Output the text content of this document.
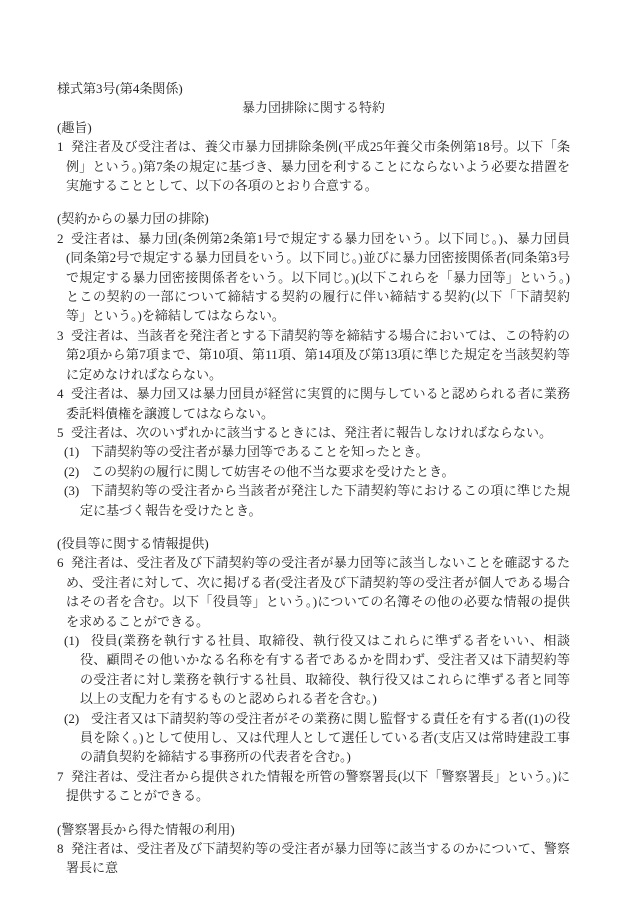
様式第3号(第4条関係)
暴力団排除に関する特約
(趣旨)
1 発注者及び受注者は、養父市暴力団排除条例(平成25年養父市条例第18号。以下「条例」という。)第7条の規定に基づき、暴力団を利することにならないよう必要な措置を実施することとして、以下の各項のとおり合意する。
(契約からの暴力団の排除)
2 受注者は、暴力団(条例第2条第1号で規定する暴力団をいう。以下同じ。)、暴力団員(同条第2号で規定する暴力団員をいう。以下同じ。)並びに暴力団密接関係者(同条第3号で規定する暴力団密接関係者をいう。以下同じ。)(以下これらを「暴力団等」という。)とこの契約の一部について締結する契約の履行に伴い締結する契約(以下「下請契約等」という。)を締結してはならない。
3 受注者は、当該者を発注者とする下請契約等を締結する場合においては、この特約の第2項から第7項まで、第10項、第11項、第14項及び第13項に準じた規定を当該契約等に定めなければならない。
4 受注者は、暴力団又は暴力団員が経営に実質的に関与していると認められる者に業務委託料債権を譲渡してはならない。
5 受注者は、次のいずれかに該当するときには、発注者に報告しなければならない。
(1) 下請契約等の受注者が暴力団等であることを知ったとき。
(2) この契約の履行に関して妨害その他不当な要求を受けたとき。
(3) 下請契約等の受注者から当該者が発注した下請契約等におけるこの項に準じた規定に基づく報告を受けたとき。
(役員等に関する情報提供)
6 発注者は、受注者及び下請契約等の受注者が暴力団等に該当しないことを確認するため、受注者に対して、次に掲げる者(受注者及び下請契約等の受注者が個人である場合はその者を含む。以下「役員等」という。)についての名簿その他の必要な情報の提供を求めることができる。
(1) 役員(業務を執行する社員、取締役、執行役又はこれらに準ずる者をいい、相談役、顧問その他いかなる名称を有する者であるかを問わず、受注者又は下請契約等の受注者に対し業務を執行する社員、取締役、執行役又はこれらに準ずる者と同等以上の支配力を有するものと認められる者を含む。)
(2) 受注者又は下請契約等の受注者がその業務に関し監督する責任を有する者((1)の役員を除く。)として使用し、又は代理人として選任している者(支店又は常時建設工事の請負契約を締結する事務所の代表者を含む。)
7 発注者は、受注者から提供された情報を所管の警察署長(以下「警察署長」という。)に提供することができる。
(警察署長から得た情報の利用)
8 発注者は、受注者及び下請契約等の受注者が暴力団等に該当するのかについて、警察署長に意
